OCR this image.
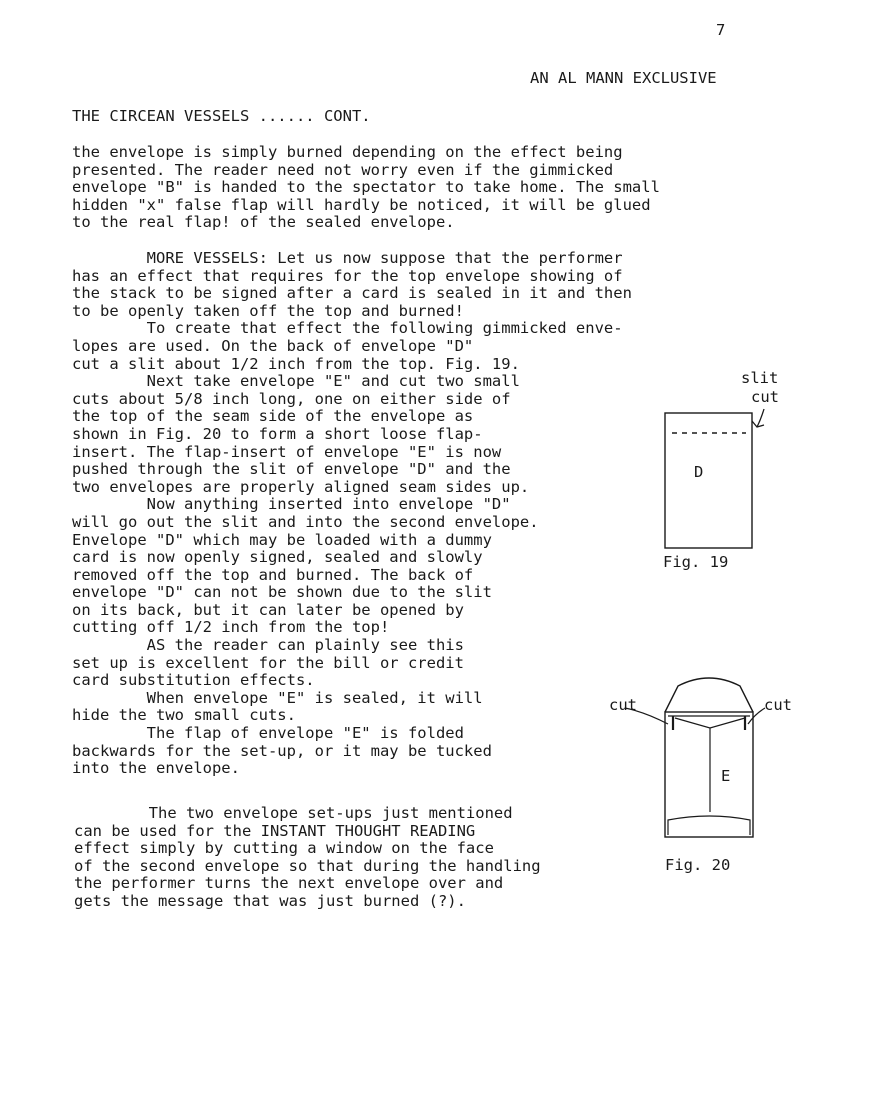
7

AN AL MANN EXCLUSIVE

THE CIRCEAN VESSELS ...... CONT.

the envelope is simply burned depending on the effect being
presented. The reader need not worry even if the gimmicked
envelope "B" is handed to the spectator to take home. The small
hidden "x" false flap will hardly be noticed, it will be glued
to the real flap! of the sealed envelope.

MORE VESSELS: Let us now suppose that the performer
has an effect that requires for the top envelope showing of
the stack to be signed after a card is sealed in it and then
to be openly taken off the top and burned!
To create that effect the following gimmicked enve-
lopes are used. On the back of envelope "D"
cut a slit about 1/2 inch from the top. Fig. 19.
Next take envelope "E" and cut two small
cuts about 5/8 inch long, one on either side of
the top of the seam side of the envelope as
shown in Fig. 20 to form a short loose flap-
insert. The flap-insert of envelope "E" is now
pushed through the slit of envelope "D" and the
two envelopes are properly aligned seam sides up.
Now anything inserted into envelope "D"
will go out the slit and into the second envelope.
Envelope "D" which may be loaded with a dummy
card is now openly signed, sealed and slowly
removed off the top and burned. The back of
envelope "D" can not be shown due to the slit
on its back, but it can later be opened by
cutting off 1/2 inch from the top!
AS the reader can plainly see this
set up is excellent for the bill or credit
card substitution effects.
When envelope "E" is sealed, it will
hide the two small cuts.
The flap of envelope "E" is folded
backwards for the set-up, or it may be tucked
into the envelope.

The two envelope set-ups just mentioned
can be used for the INSTANT THOUGHT READING
effect simply by cutting a window on the face
of the second envelope so that during the handling
the performer turns the next envelope over and
gets the message that was just burned (?).

slit
cut
D
Fig. 19
cut	cut
E
Fig. 20
